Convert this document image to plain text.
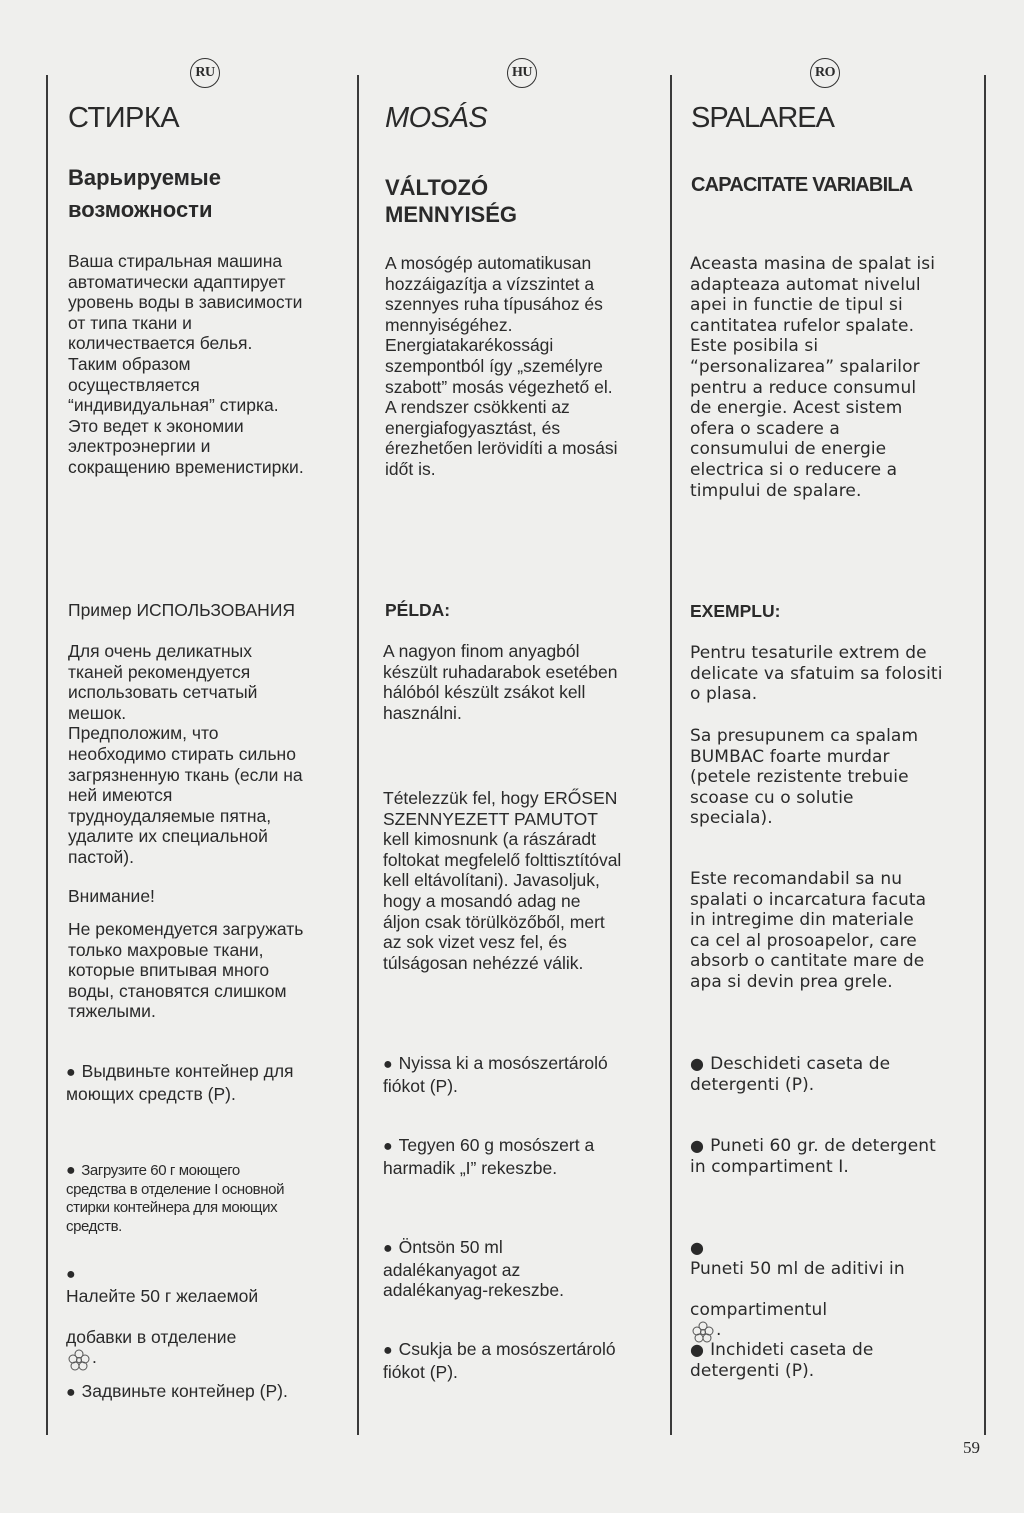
RU
СТИРКА
Варьируемые
возможности

Ваша стиральная машина
автоматически адаптирует
уровень воды в зависимости
от типа ткани и
количествается белья.
Таким образом
осуществляется
“индивидуальная” стирка.
Это ведет к экономии
электроэнергии и
сокращению временистирки.

Пример ИСПОЛЬЗОВАНИЯ

Для очень деликатных
тканей рекомендуется
использовать сетчатый
мешок.
Предположим, что
необходимо стирать сильно
загрязненную ткань (если на
ней имеются
трудноудаляемые пятна,
удалите их специальной
пастой).

Внимание!

Не рекомендуется загружать
только махровые ткани,
которые впитывая много
воды, становятся слишком
тяжелыми.

● Выдвиньте контейнер для
моющих средств (P).

● Загрузите 60 г моющего
средства в отделение I основной
стирки контейнера для моющих
средств.

● Налейте 50 г желаемой

добавки в отделение
.

● Задвиньте контейнер (P).

HU
MOSÁS
VÁLTOZÓ
MENNYISÉG

A mosógép automatikusan
hozzáigazítja a vízszintet a
szennyes ruha típusához és
mennyiségéhez.
Energiatakarékossági
szempontból így „személyre
szabott” mosás végezhető el.
A rendszer csökkenti az
energiafogyasztást, és
érezhetően lerövidíti a mosási
időt is.

PÉLDA:

A nagyon finom anyagból
készült ruhadarabok esetében
hálóból készült zsákot kell
használni.

Tételezzük fel, hogy ERŐSEN
SZENNYEZETT PAMUTOT
kell kimosnunk (a rászáradt
foltokat megfelelő folttisztítóval
kell eltávolítani). Javasoljuk,
hogy a mosandó adag ne
áljon csak törülközőből, mert
az sok vizet vesz fel, és
túlságosan nehézzé válik.

● Nyissa ki a mosószertároló
fiókot (P).

● Tegyen 60 g mosószert a
harmadik „I” rekeszbe.

● Öntsön 50 ml
adalékanyagot az
adalékanyag-rekeszbe.

● Csukja be a mosószertároló
fiókot (P).

RO
SPALAREA
CAPACITATE VARIABILA

Aceasta masina de spalat isi
adapteaza automat nivelul
apei in functie de tipul si
cantitatea rufelor spalate.
Este posibila si
“personalizarea” spalarilor
pentru a reduce consumul
de energie. Acest sistem
ofera o scadere a
consumului de energie
electrica si o reducere a
timpului de spalare.

EXEMPLU:

Pentru tesaturile extrem de
delicate va sfatuim sa folositi
o plasa.

Sa presupunem ca spalam
BUMBAC foarte murdar
(petele rezistente trebuie
scoase cu o solutie
speciala).

Este recomandabil sa nu
spalati o incarcatura facuta
in intregime din materiale
ca cel al prosoapelor, care
absorb o cantitate mare de
apa si devin prea grele.

● Deschideti caseta de
detergenti (P).

● Puneti 60 gr. de detergent
in compartiment I.

● Puneti 50 ml de aditivi in

compartimentul
.

● Inchideti caseta de
detergenti (P).

59
